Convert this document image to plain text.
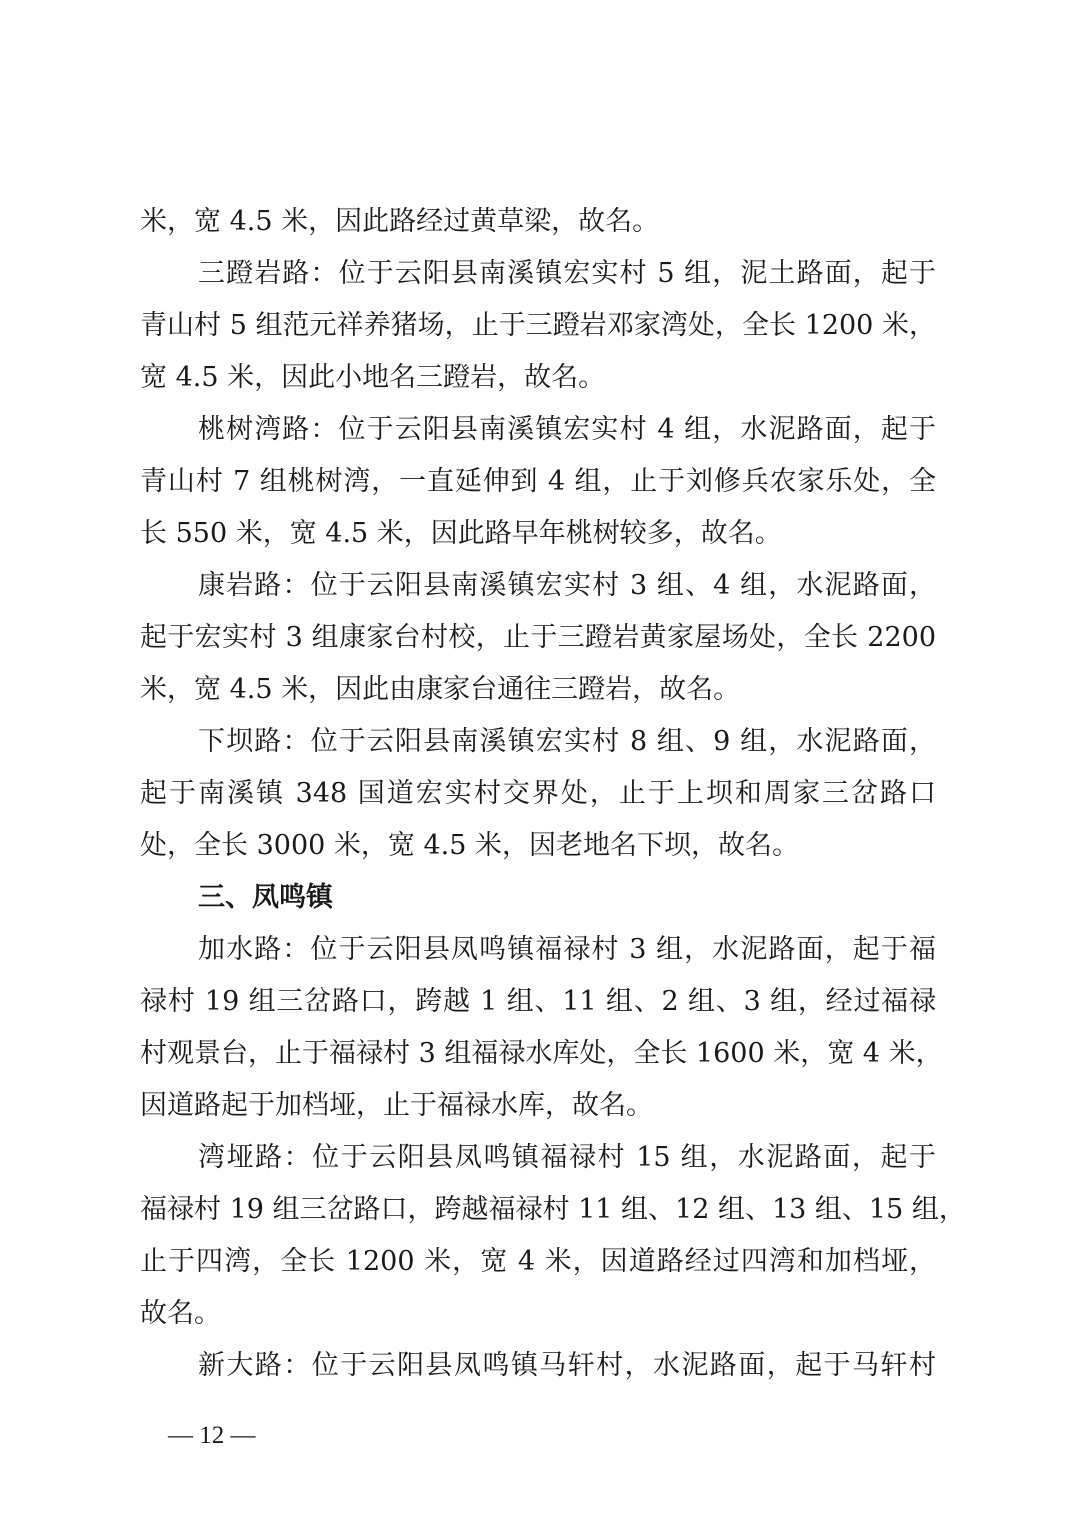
米，宽 4.5 米，因此路经过黄草梁，故名。
三蹬岩路：位于云阳县南溪镇宏实村 5 组，泥土路面，起于
青山村 5 组范元祥养猪场，止于三蹬岩邓家湾处，全长 1200 米，
宽 4.5 米，因此小地名三蹬岩，故名。
桃树湾路：位于云阳县南溪镇宏实村 4 组，水泥路面，起于
青山村 7 组桃树湾，一直延伸到 4 组，止于刘修兵农家乐处，全
长 550 米，宽 4.5 米，因此路早年桃树较多，故名。
康岩路：位于云阳县南溪镇宏实村 3 组、4 组，水泥路面，
起于宏实村 3 组康家台村校，止于三蹬岩黄家屋场处，全长 2200
米，宽 4.5 米，因此由康家台通往三蹬岩，故名。
下坝路：位于云阳县南溪镇宏实村 8 组、9 组，水泥路面，
起于南溪镇 348 国道宏实村交界处，止于上坝和周家三岔路口
处，全长 3000 米，宽 4.5 米，因老地名下坝，故名。
三、凤鸣镇
加水路：位于云阳县凤鸣镇福禄村 3 组，水泥路面，起于福
禄村 19 组三岔路口，跨越 1 组、11 组、2 组、3 组，经过福禄
村观景台，止于福禄村 3 组福禄水库处，全长 1600 米，宽 4 米，
因道路起于加档垭，止于福禄水库，故名。
湾垭路：位于云阳县凤鸣镇福禄村 15 组，水泥路面，起于
福禄村 19 组三岔路口，跨越福禄村 11 组、12 组、13 组、15 组，
止于四湾，全长 1200 米，宽 4 米，因道路经过四湾和加档垭，
故名。
新大路：位于云阳县凤鸣镇马轩村，水泥路面，起于马轩村
— 12 —
